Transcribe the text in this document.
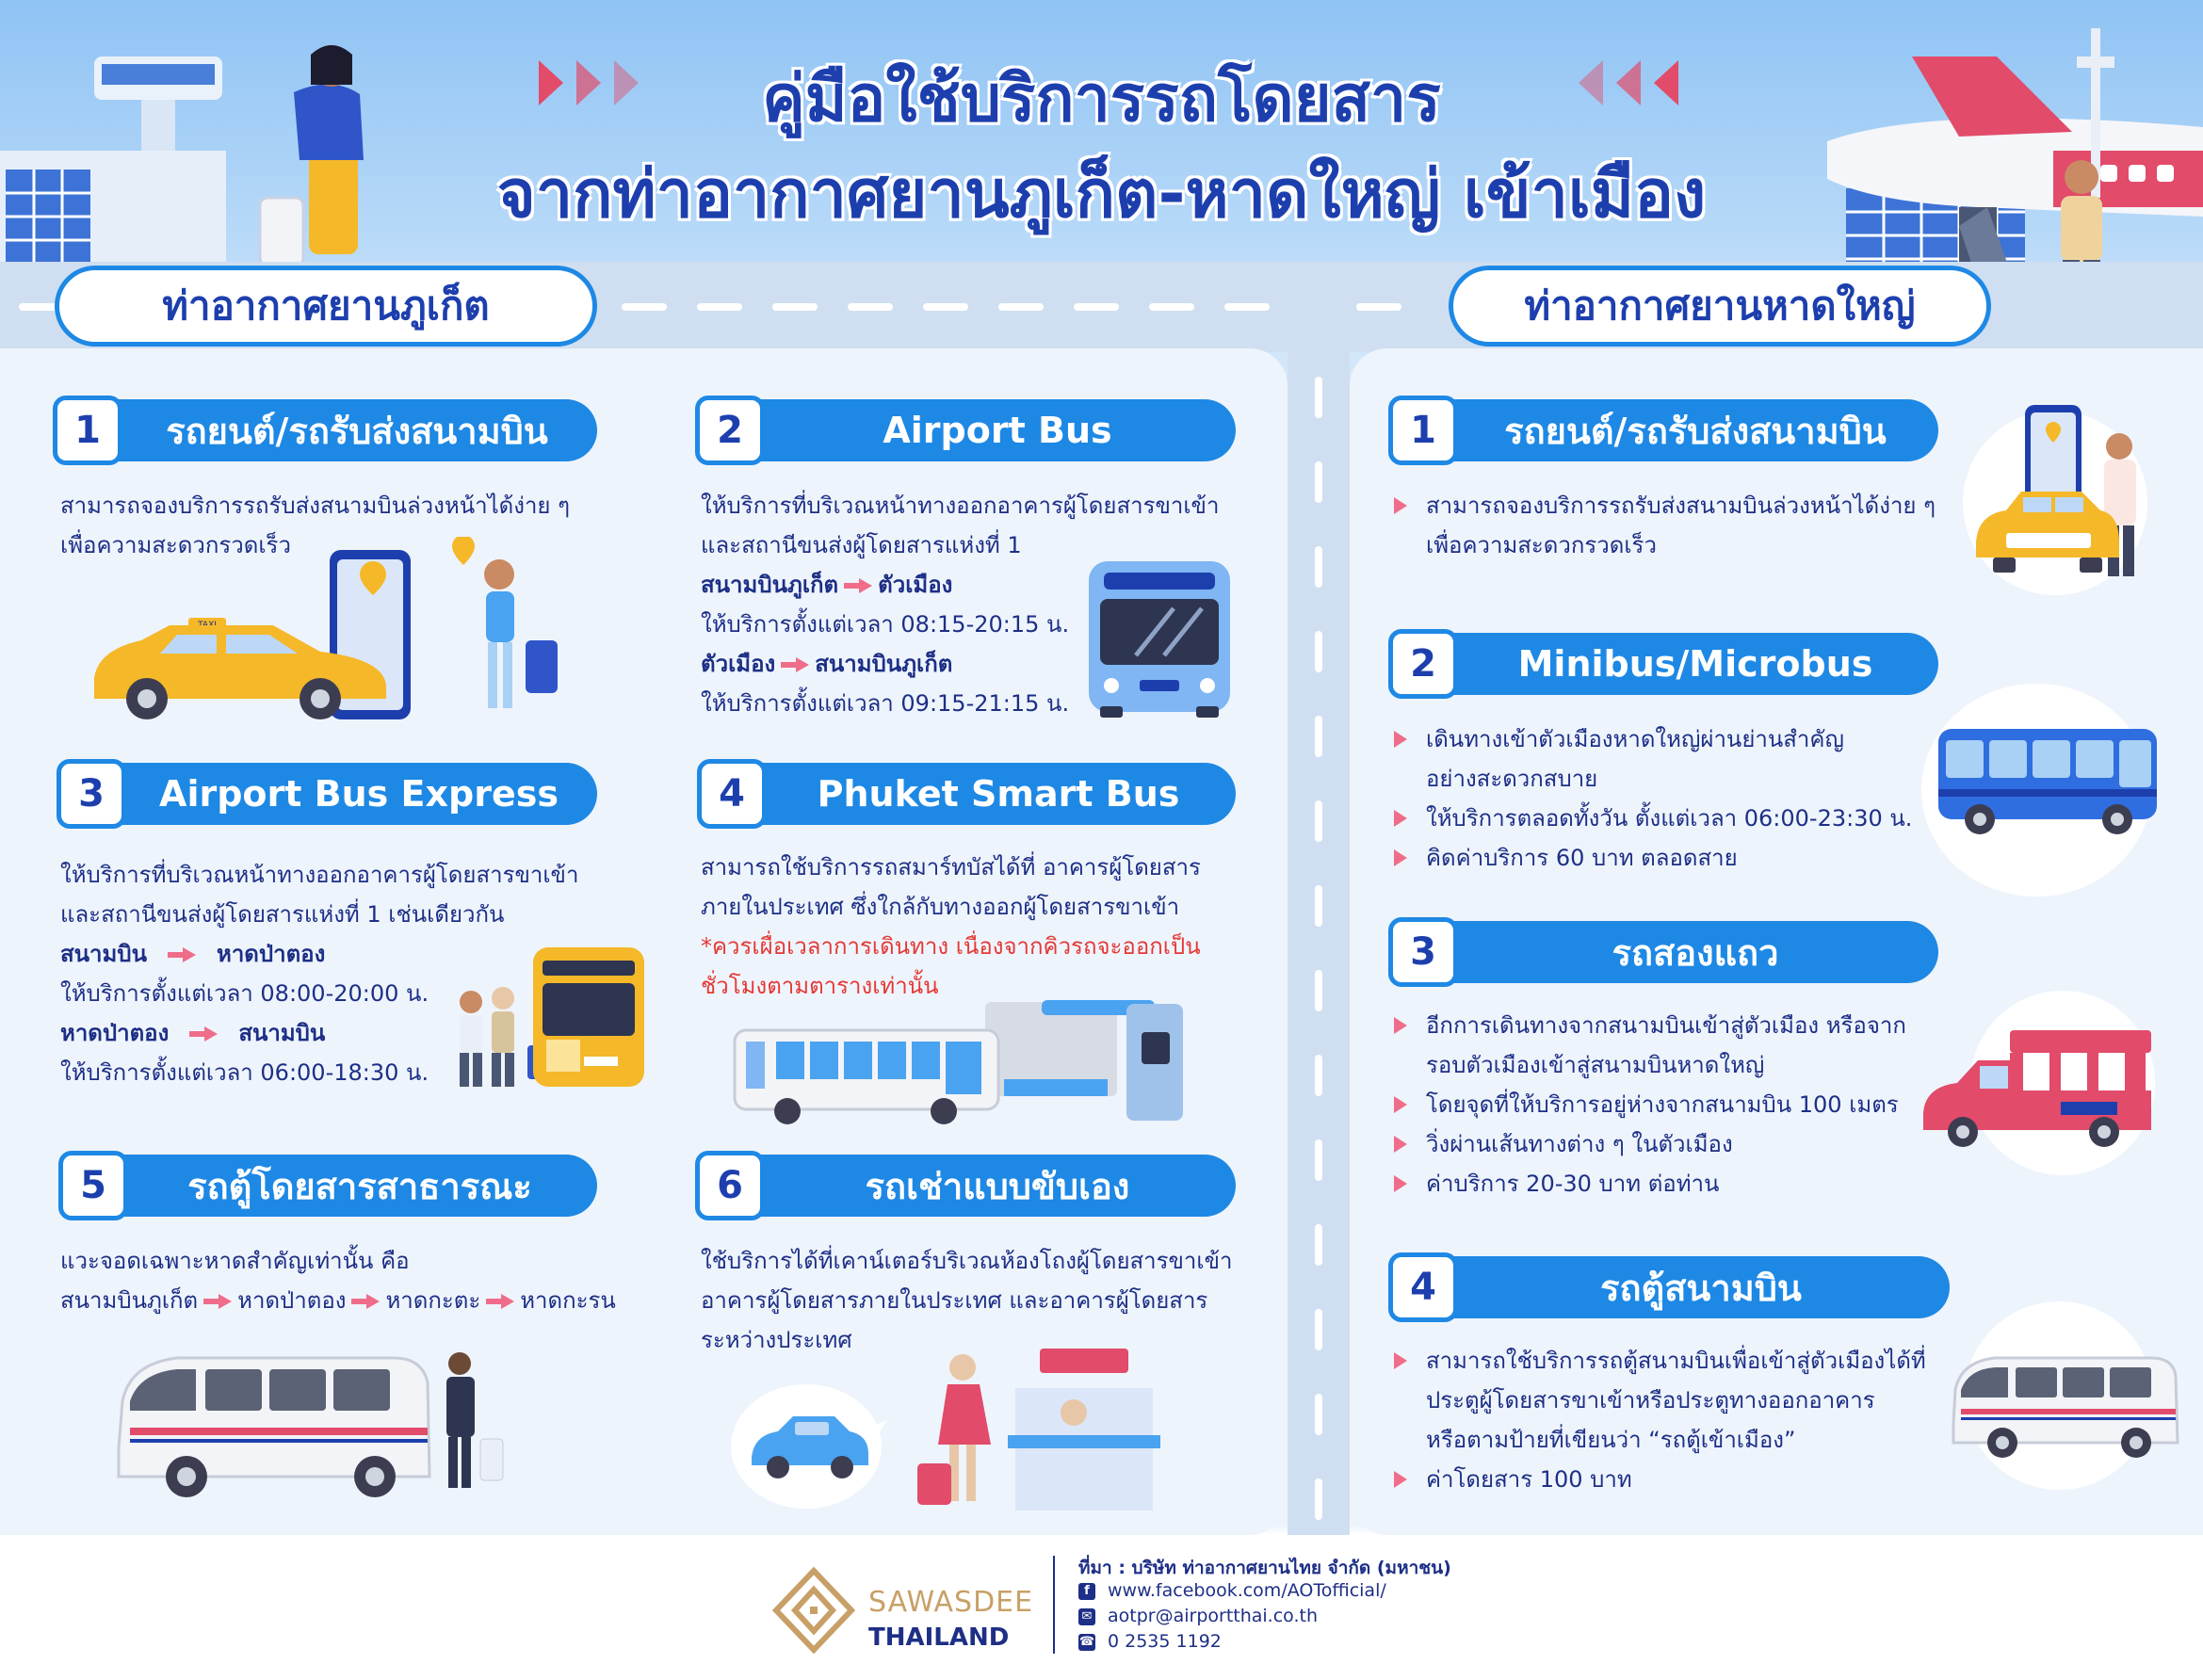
คู่มือใช้บริการรถโดยสาร
จากท่าอากาศยานภูเก็ต-หาดใหญ่ เข้าเมือง
ท่าอากาศยานภูเก็ต	ท่าอากาศยานหาดใหญ่
1	รถยนต์/รถรับส่งสนามบิน
สามารถจองบริการรถรับส่งสนามบินล่วงหน้าได้ง่าย ๆ
เพื่อความสะดวกรวดเร็ว
2	Airport Bus
ให้บริการที่บริเวณหน้าทางออกอาคารผู้โดยสารขาเข้า
และสถานีขนส่งผู้โดยสารแห่งที่ 1
สนามบินภูเก็ต ตัวเมือง
ให้บริการตั้งแต่เวลา 08:15-20:15 น.
ตัวเมือง สนามบินภูเก็ต
ให้บริการตั้งแต่เวลา 09:15-21:15 น.
3	Airport Bus Express
ให้บริการที่บริเวณหน้าทางออกอาคารผู้โดยสารขาเข้า
และสถานีขนส่งผู้โดยสารแห่งที่ 1 เช่นเดียวกัน
สนามบิน	หาดป่าตอง
ให้บริการตั้งแต่เวลา 08:00-20:00 น.
หาดป่าตอง	สนามบิน
ให้บริการตั้งแต่เวลา 06:00-18:30 น.
4	Phuket Smart Bus
สามารถใช้บริการรถสมาร์ทบัสได้ที่ อาคารผู้โดยสาร
ภายในประเทศ ซึ่งใกล้กับทางออกผู้โดยสารขาเข้า
*ควรเผื่อเวลาการเดินทาง เนื่องจากคิวรถจะออกเป็น
ชั่วโมงตามตารางเท่านั้น
5	รถตู้โดยสารสาธารณะ
แวะจอดเฉพาะหาดสำคัญเท่านั้น คือ
สนามบินภูเก็ต หาดป่าตอง หาดกะตะ หาดกะรน
6	รถเช่าแบบขับเอง
ใช้บริการได้ที่เคาน์เตอร์บริเวณห้องโถงผู้โดยสารขาเข้า
อาคารผู้โดยสารภายในประเทศ และอาคารผู้โดยสาร
ระหว่างประเทศ
1	รถยนต์/รถรับส่งสนามบิน
สามารถจองบริการรถรับส่งสนามบินล่วงหน้าได้ง่าย ๆ
เพื่อความสะดวกรวดเร็ว
2	Minibus/Microbus
เดินทางเข้าตัวเมืองหาดใหญ่ผ่านย่านสำคัญ
อย่างสะดวกสบาย
ให้บริการตลอดทั้งวัน ตั้งแต่เวลา 06:00-23:30 น.
คิดค่าบริการ 60 บาท ตลอดสาย
3	รถสองแถว
อีกการเดินทางจากสนามบินเข้าสู่ตัวเมือง หรือจาก
รอบตัวเมืองเข้าสู่สนามบินหาดใหญ่
โดยจุดที่ให้บริการอยู่ห่างจากสนามบิน 100 เมตร
วิ่งผ่านเส้นทางต่าง ๆ ในตัวเมือง
ค่าบริการ 20-30 บาท ต่อท่าน
4	รถตู้สนามบิน
สามารถใช้บริการรถตู้สนามบินเพื่อเข้าสู่ตัวเมืองได้ที่
ประตูผู้โดยสารขาเข้าหรือประตูทางออกอาคาร
หรือตามป้ายที่เขียนว่า “รถตู้เข้าเมือง”
ค่าโดยสาร 100 บาท
SAWASDEE
THAILAND
ที่มา : บริษัท ท่าอากาศยานไทย จำกัด (มหาชน)
f	www.facebook.com/AOTofficial/
✉ aotpr@airportthai.co.th
☎ 0 2535 1192
